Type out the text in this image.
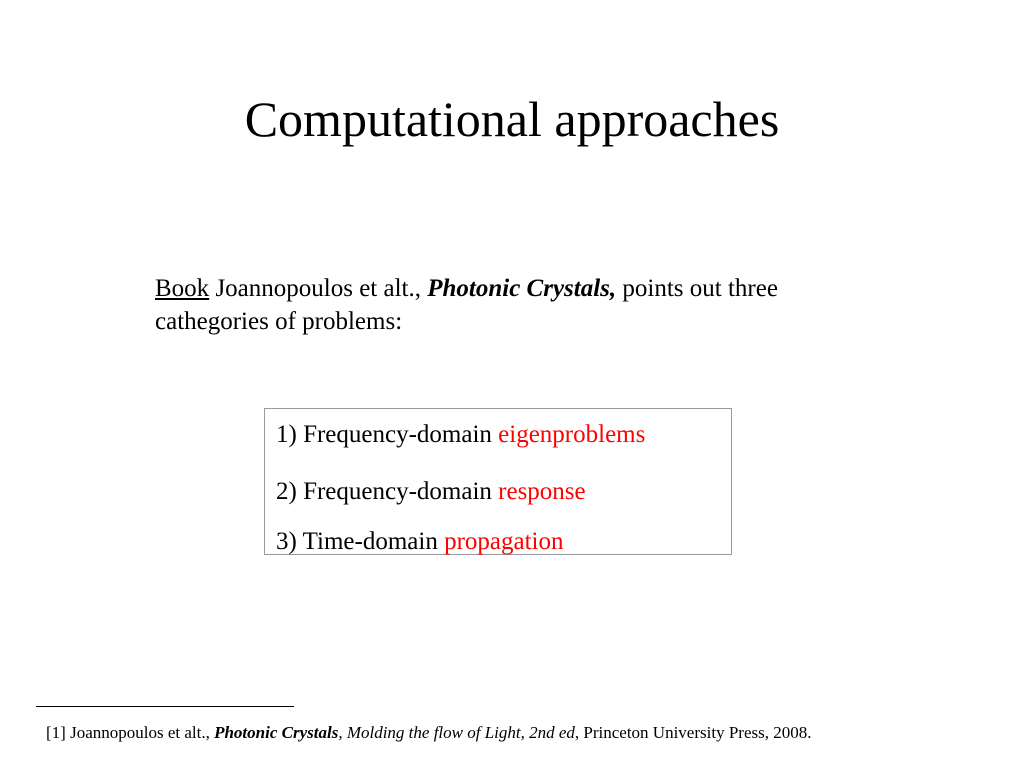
Computational approaches
Book Joannopoulos et alt., Photonic Crystals, points out three cathegories of problems:
1) Frequency-domain eigenproblems
2) Frequency-domain response
3) Time-domain propagation
[1] Joannopoulos et alt., Photonic Crystals, Molding the flow of Light, 2nd ed, Princeton University Press, 2008.
